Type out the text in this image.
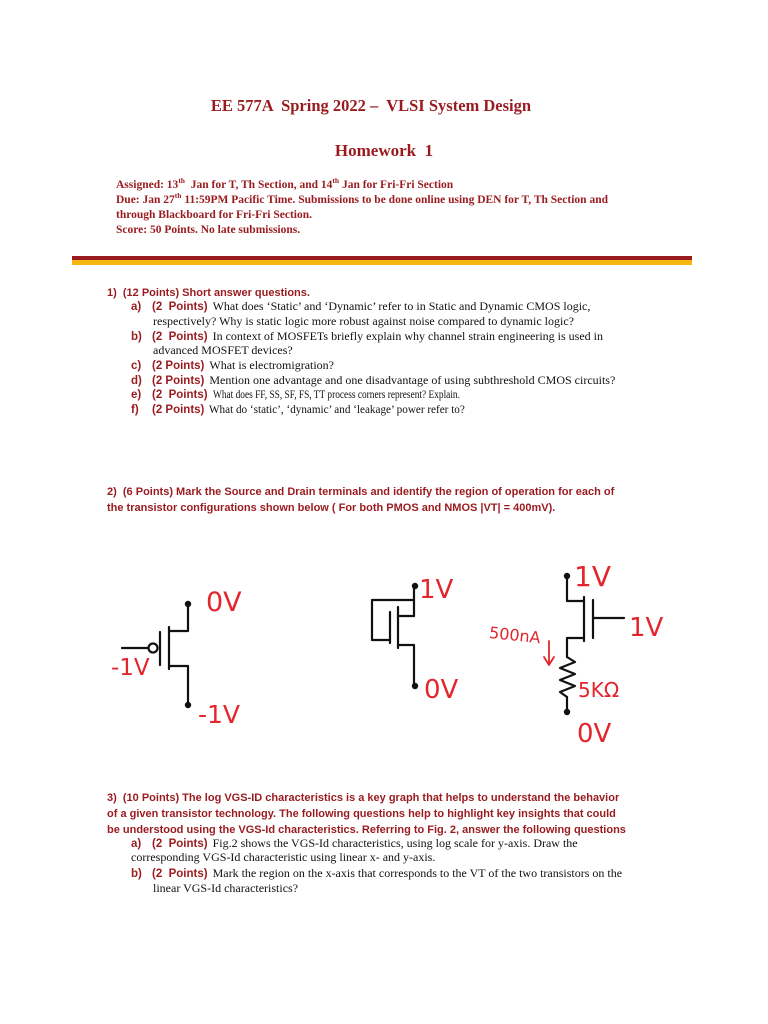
EE 577A  Spring 2022 –  VLSI System Design
Homework  1
Assigned: 13th  Jan for T, Th Section, and 14th Jan for Fri-Fri Section
Due: Jan 27th 11:59PM Pacific Time. Submissions to be done online using DEN for T, Th Section and
through Blackboard for Fri-Fri Section.
Score: 50 Points. No late submissions.
1)  (12 Points) Short answer questions.
a) (2  Points) What does ‘Static’ and ‘Dynamic’ refer to in Static and Dynamic CMOS logic,
respectively? Why is static logic more robust against noise compared to dynamic logic?
b) (2  Points) In context of MOSFETs briefly explain why channel strain engineering is used in
advanced MOSFET devices?
c) (2 Points) What is electromigration?
d) (2 Points) Mention one advantage and one disadvantage of using subthreshold CMOS circuits?
e) (2  Points) What does FF, SS, SF, FS, TT process corners represent? Explain.
f)	(2 Points) What do ‘static’, ‘dynamic’ and ‘leakage’ power refer to?
2)  (6 Points) Mark the Source and Drain terminals and identify the region of operation for each of
the transistor configurations shown below ( For both PMOS and NMOS |VT| = 400mV).
0V
-1V
-1V
1V
0V
1V
1V
500nA
5KΩ
0V
3)  (10 Points) The log VGS-ID characteristics is a key graph that helps to understand the behavior
of a given transistor technology. The following questions help to highlight key insights that could
be understood using the VGS-Id characteristics. Referring to Fig. 2, answer the following questions
a) (2  Points) Fig.2 shows the VGS-Id characteristics, using log scale for y-axis. Draw the
corresponding VGS-Id characteristic using linear x- and y-axis.
b) (2  Points) Mark the region on the x-axis that corresponds to the VT of the two transistors on the
linear VGS-Id characteristics?
